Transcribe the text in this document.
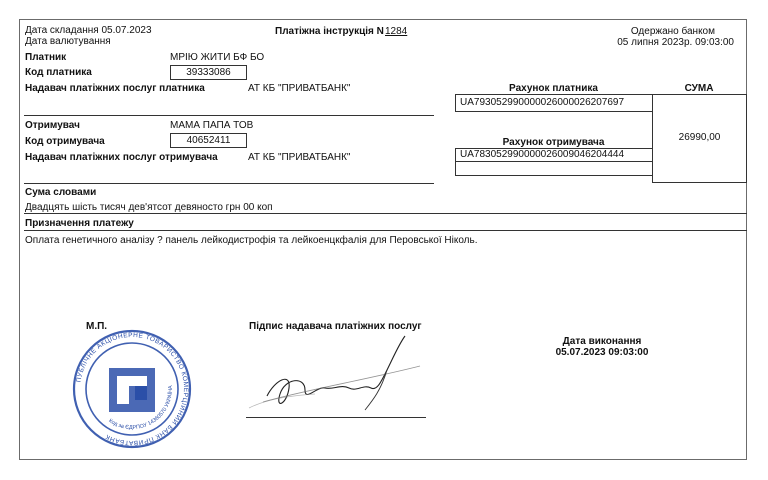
Дата складання 05.07.2023
Дата валютування
Платіжна інструкція N 1284	Одержано банком
05 липня 2023р. 09:03:00
Платник	МРІЮ ЖИТИ БФ БО
Код платника	39333086
Надавач платіжних послуг платника	АТ КБ "ПРИВАТБАНК"	Рахунок платника	СУМА
UA793052990000026000026207697
26990,00
Рахунок отримувача
UA783052990000026009046204444
Отримувач	МАМА ПАПА ТОВ
Код отримувача	40652411
Надавач платіжних послуг отримувача	АТ КБ "ПРИВАТБАНК"
Сума словами
Двадцять шість тисяч дев'ятсот девяносто грн 00 коп
Призначення платежу
Оплата генетичного аналізу ? панель лейкодистрофія та лейкоенцкфалія для Перовської Ніколь.
М.П.	Підпис надавача платіжних послуг
Дата виконання
05.07.2023 09:03:00
ПУБЛІЧНЕ АКЦІОНЕРНЕ ТОВАРИСТВО КОМЕРЦІЙНИЙ БАНК ПРИВАТБАНК
Код за ЄДРПОУ 14360570 УКРАЇНА
